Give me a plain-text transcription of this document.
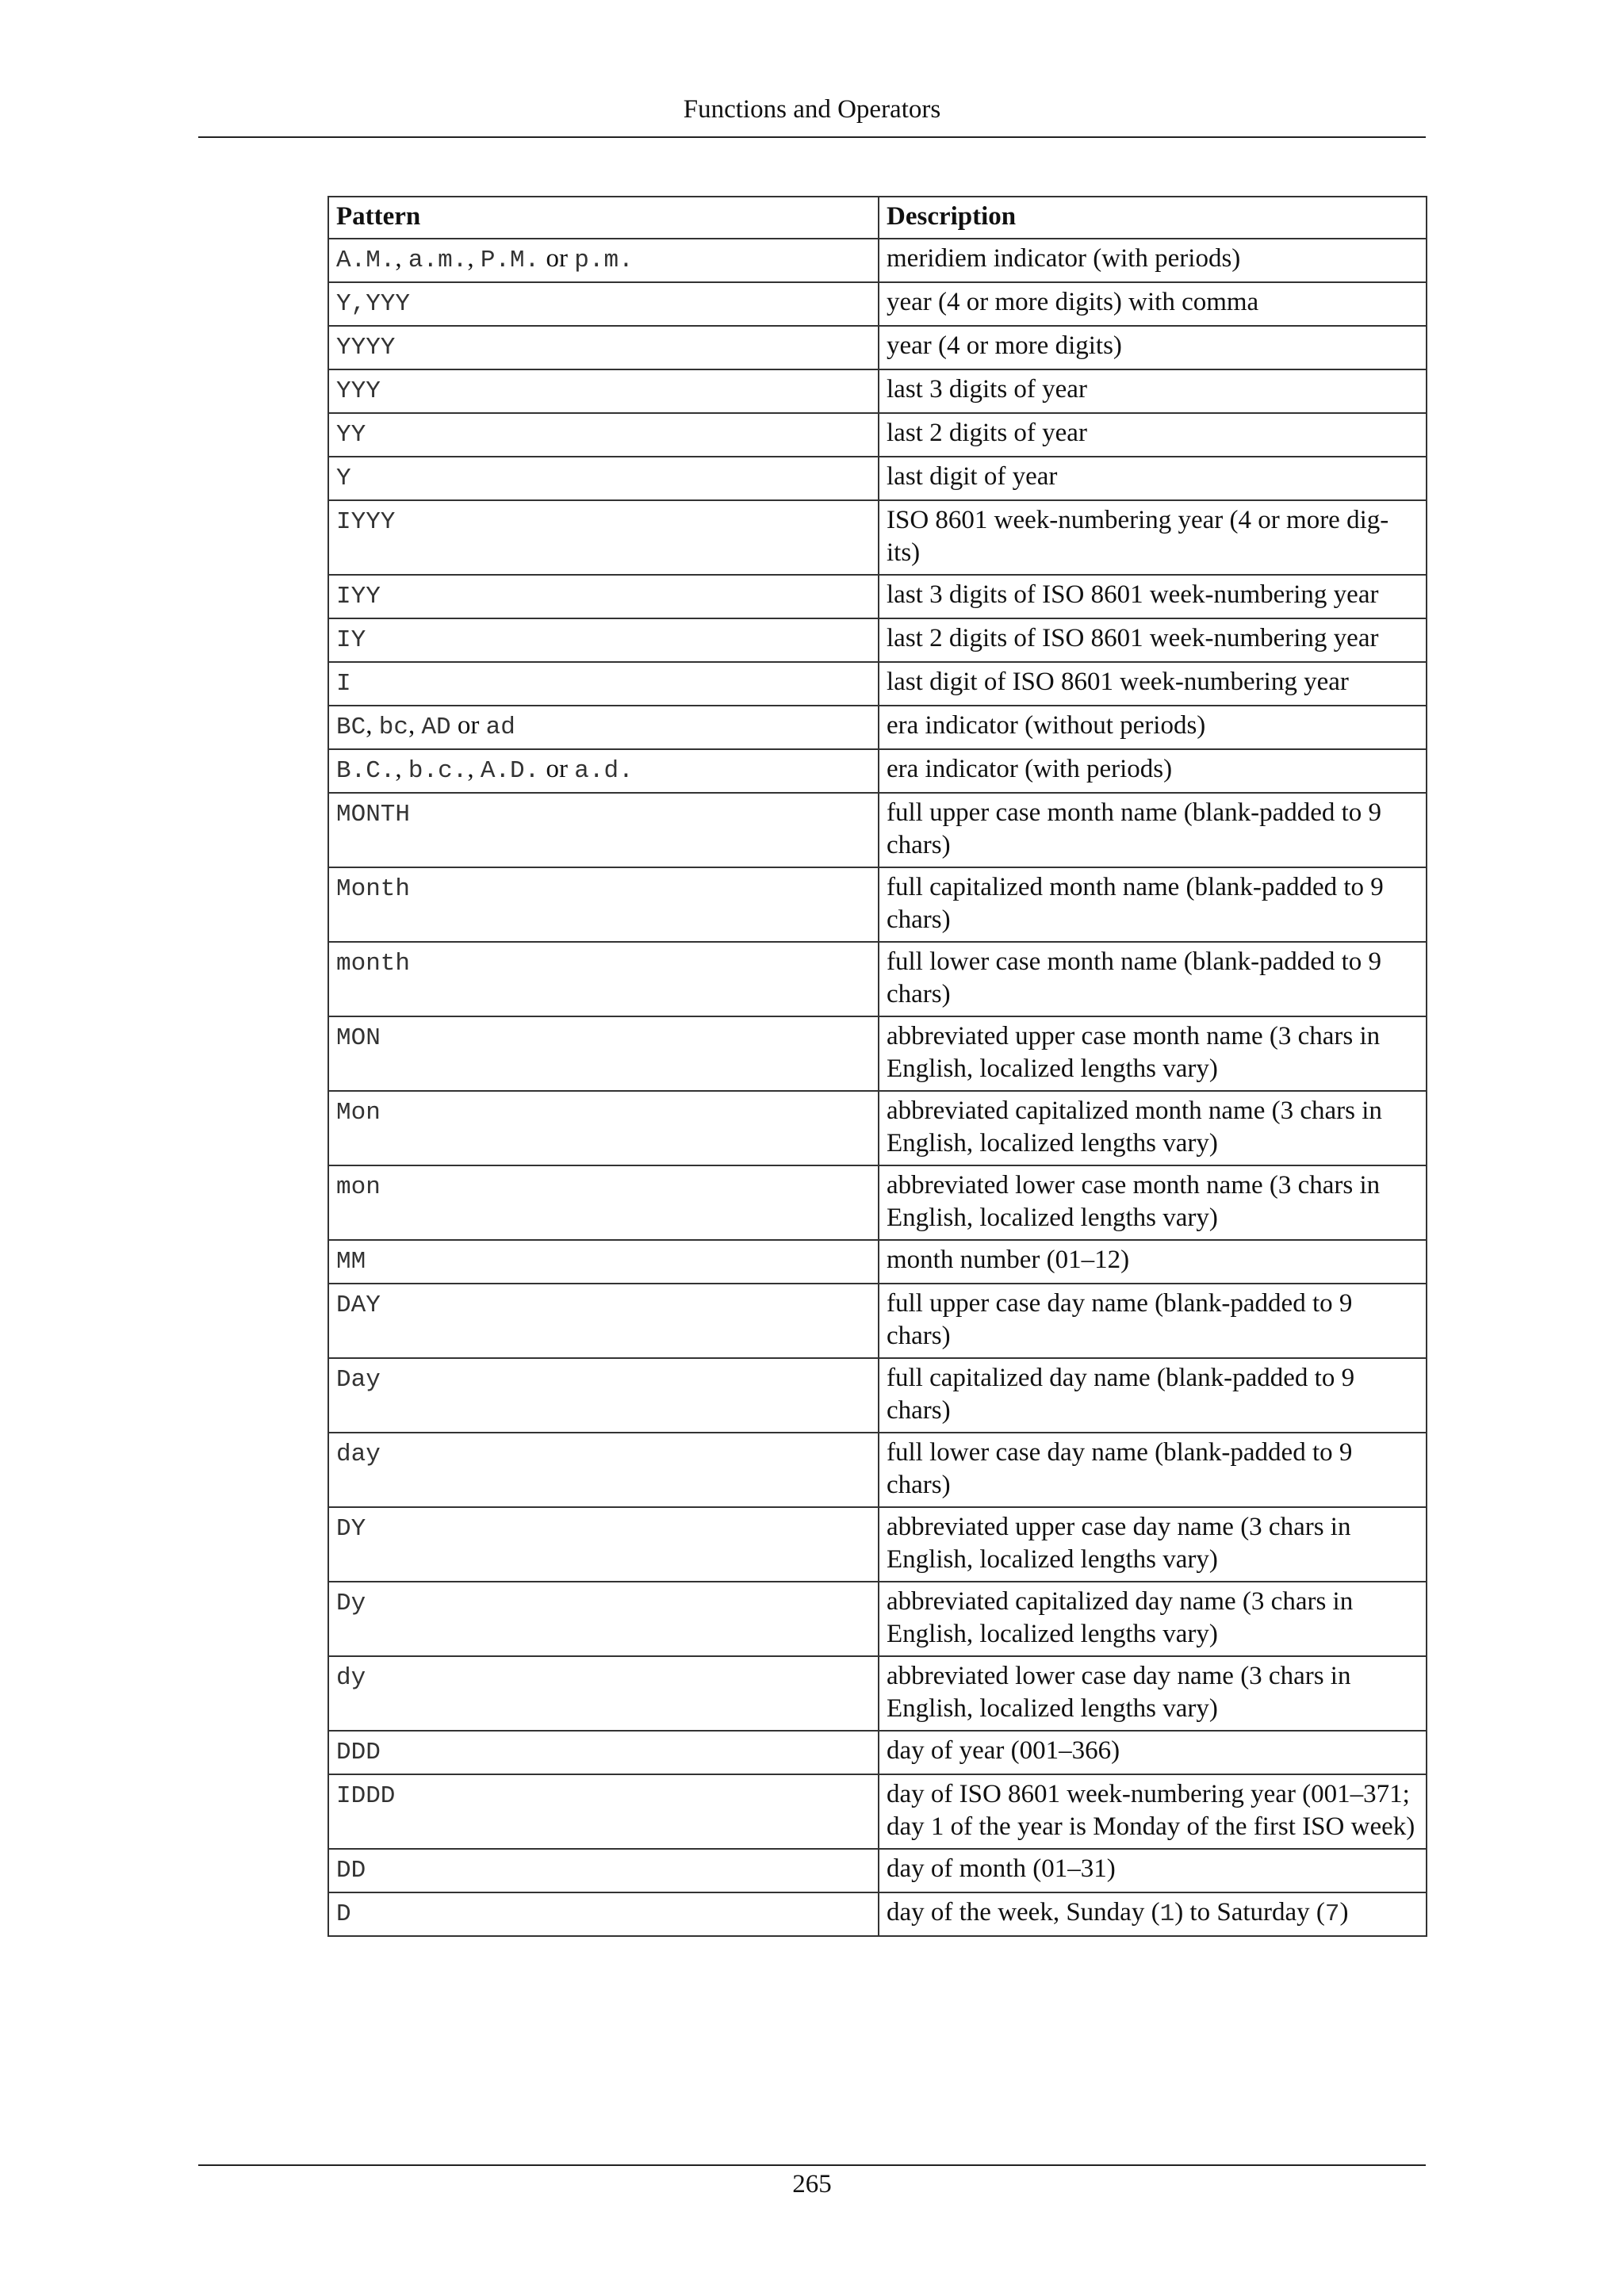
Functions and Operators
Pattern	Description
A.M., a.m., P.M. or p.m.	meridiem indicator (with periods)
Y,YYY	year (4 or more digits) with comma
YYYY	year (4 or more digits)
YYY	last 3 digits of year
YY	last 2 digits of year
Y	last digit of year
IYYY	ISO 8601 week-numbering year (4 or more dig-​its)
IYY	last 3 digits of ISO 8601 week-numbering year
IY	last 2 digits of ISO 8601 week-numbering year
I	last digit of ISO 8601 week-numbering year
BC, bc, AD or ad	era indicator (without periods)
B.C., b.c., A.D. or a.d.	era indicator (with periods)
MONTH	full upper case month name (blank-padded to 9 chars)
Month	full capitalized month name (blank-padded to 9 chars)
month	full lower case month name (blank-padded to 9 chars)
MON	abbreviated upper case month name (3 chars in English, localized lengths vary)
Mon	abbreviated capitalized month name (3 chars in English, localized lengths vary)
mon	abbreviated lower case month name (3 chars in English, localized lengths vary)
MM	month number (01–12)
DAY	full upper case day name (blank-padded to 9 chars)
Day	full capitalized day name (blank-padded to 9 chars)
day	full lower case day name (blank-padded to 9 chars)
DY	abbreviated upper case day name (3 chars in English, localized lengths vary)
Dy	abbreviated capitalized day name (3 chars in English, localized lengths vary)
dy	abbreviated lower case day name (3 chars in English, localized lengths vary)
DDD	day of year (001–366)
IDDD	day of ISO 8601 week-numbering year (001–371; day 1 of the year is Monday of the first ISO week)
DD	day of month (01–31)
D	day of the week, Sunday (1) to Saturday (7)
265
